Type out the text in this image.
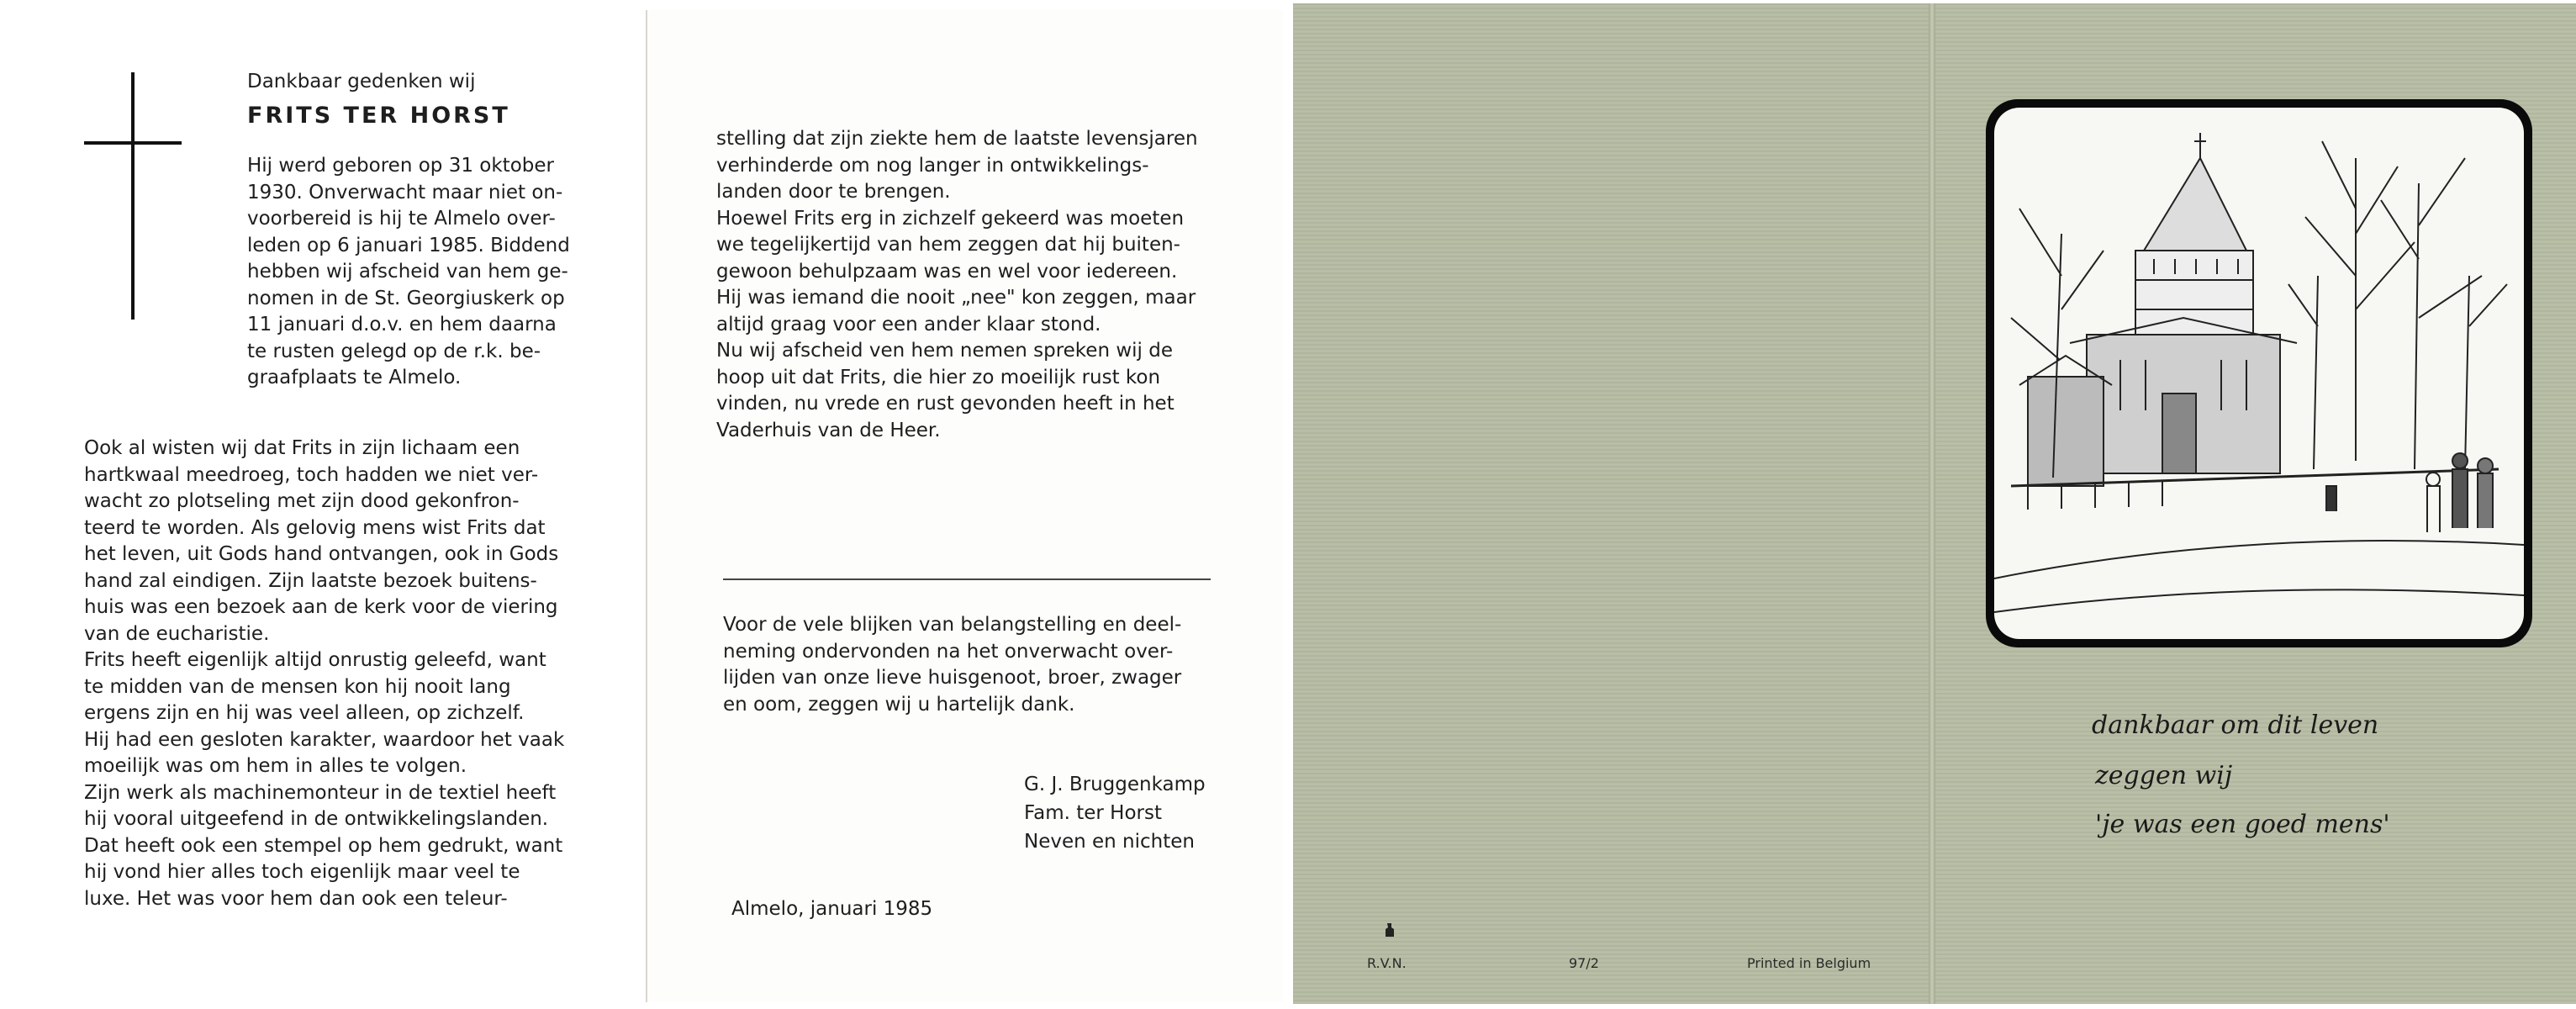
Dankbaar gedenken wij
FRITS TER HORST
Hij werd geboren op 31 oktober
1930. Onverwacht maar niet on-
voorbereid is hij te Almelo over-
leden op 6 januari 1985. Biddend
hebben wij afscheid van hem ge-
nomen in de St. Georgiuskerk op
11 januari d.o.v. en hem daarna
te rusten gelegd op de r.k. be-
graafplaats te Almelo.
Ook al wisten wij dat Frits in zijn lichaam een
hartkwaal meedroeg, toch hadden we niet ver-
wacht zo plotseling met zijn dood gekonfron-
teerd te worden. Als gelovig mens wist Frits dat
het leven, uit Gods hand ontvangen, ook in Gods
hand zal eindigen. Zijn laatste bezoek buitens-
huis was een bezoek aan de kerk voor de viering
van de eucharistie.
Frits heeft eigenlijk altijd onrustig geleefd, want
te midden van de mensen kon hij nooit lang
ergens zijn en hij was veel alleen, op zichzelf.
Hij had een gesloten karakter, waardoor het vaak
moeilijk was om hem in alles te volgen.
Zijn werk als machinemonteur in de textiel heeft
hij vooral uitgeefend in de ontwikkelingslanden.
Dat heeft ook een stempel op hem gedrukt, want
hij vond hier alles toch eigenlijk maar veel te
luxe. Het was voor hem dan ook een teleur-
stelling dat zijn ziekte hem de laatste levensjaren
verhinderde om nog langer in ontwikkelings-
landen door te brengen.
Hoewel Frits erg in zichzelf gekeerd was moeten
we tegelijkertijd van hem zeggen dat hij buiten-
gewoon behulpzaam was en wel voor iedereen.
Hij was iemand die nooit „nee" kon zeggen, maar
altijd graag voor een ander klaar stond.
Nu wij afscheid ven hem nemen spreken wij de
hoop uit dat Frits, die hier zo moeilijk rust kon
vinden, nu vrede en rust gevonden heeft in het
Vaderhuis van de Heer.
Voor de vele blijken van belangstelling en deel-
neming ondervonden na het onverwacht over-
lijden van onze lieve huisgenoot, broer, zwager
en oom, zeggen wij u hartelijk dank.
G. J. Bruggenkamp
Fam. ter Horst
Neven en nichten
Almelo, januari 1985
R.V.N.	97/2	Printed in Belgium
dankbaar om dit leven
zeggen wij
'je was een goed mens'
